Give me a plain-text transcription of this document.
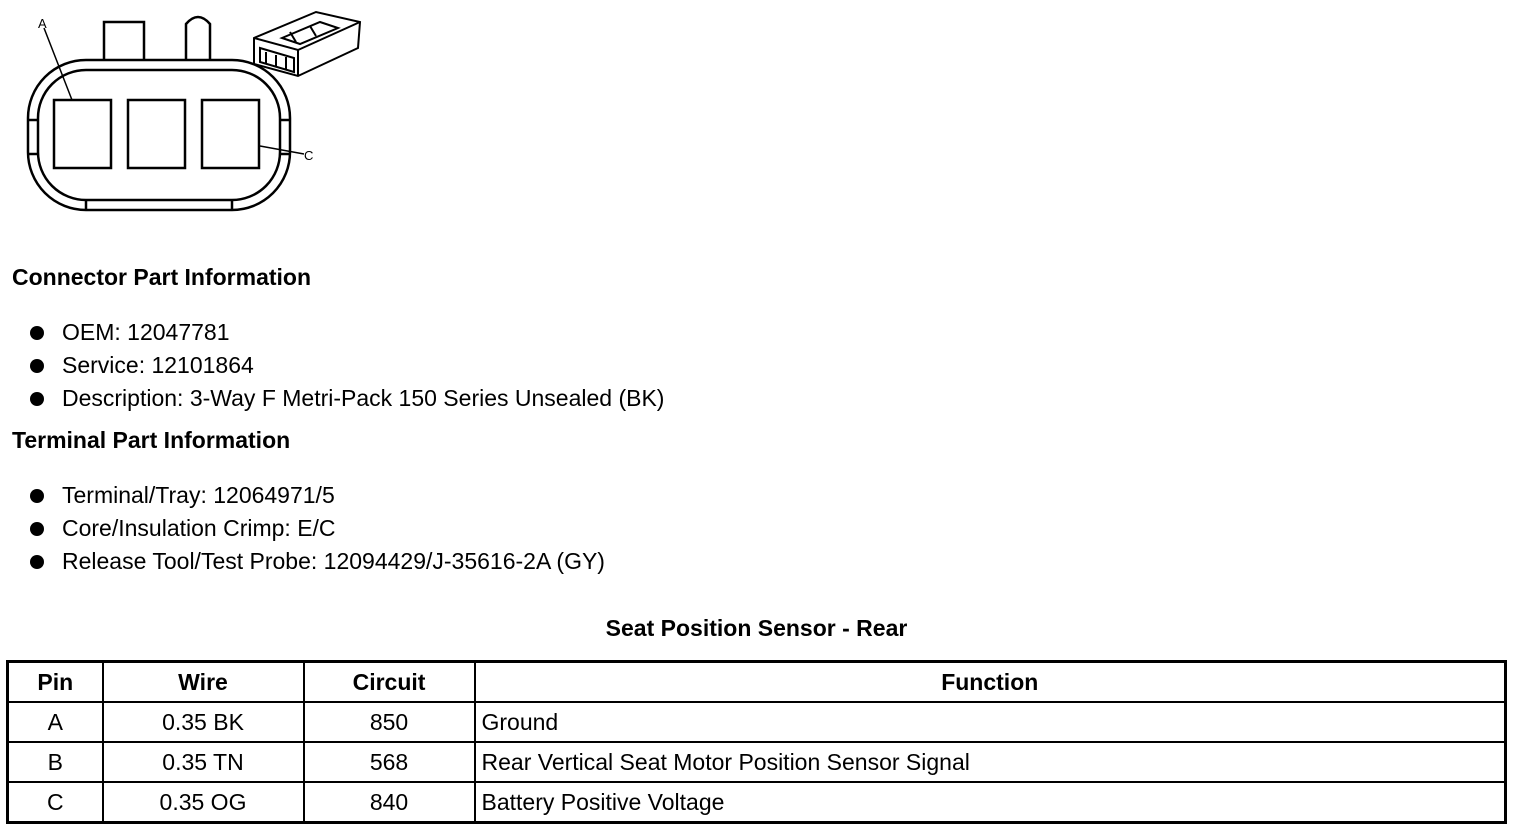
A
C
Connector Part Information
OEM: 12047781
Service: 12101864
Description: 3-Way F Metri-Pack 150 Series Unsealed (BK)
Terminal Part Information
Terminal/Tray: 12064971/5
Core/Insulation Crimp: E/C
Release Tool/Test Probe: 12094429/J-35616-2A (GY)
Seat Position Sensor - Rear
Pin	Wire	Circuit	Function
A	0.35 BK	850	Ground
B	0.35 TN	568	Rear Vertical Seat Motor Position Sensor Signal
C	0.35 OG	840	Battery Positive Voltage
